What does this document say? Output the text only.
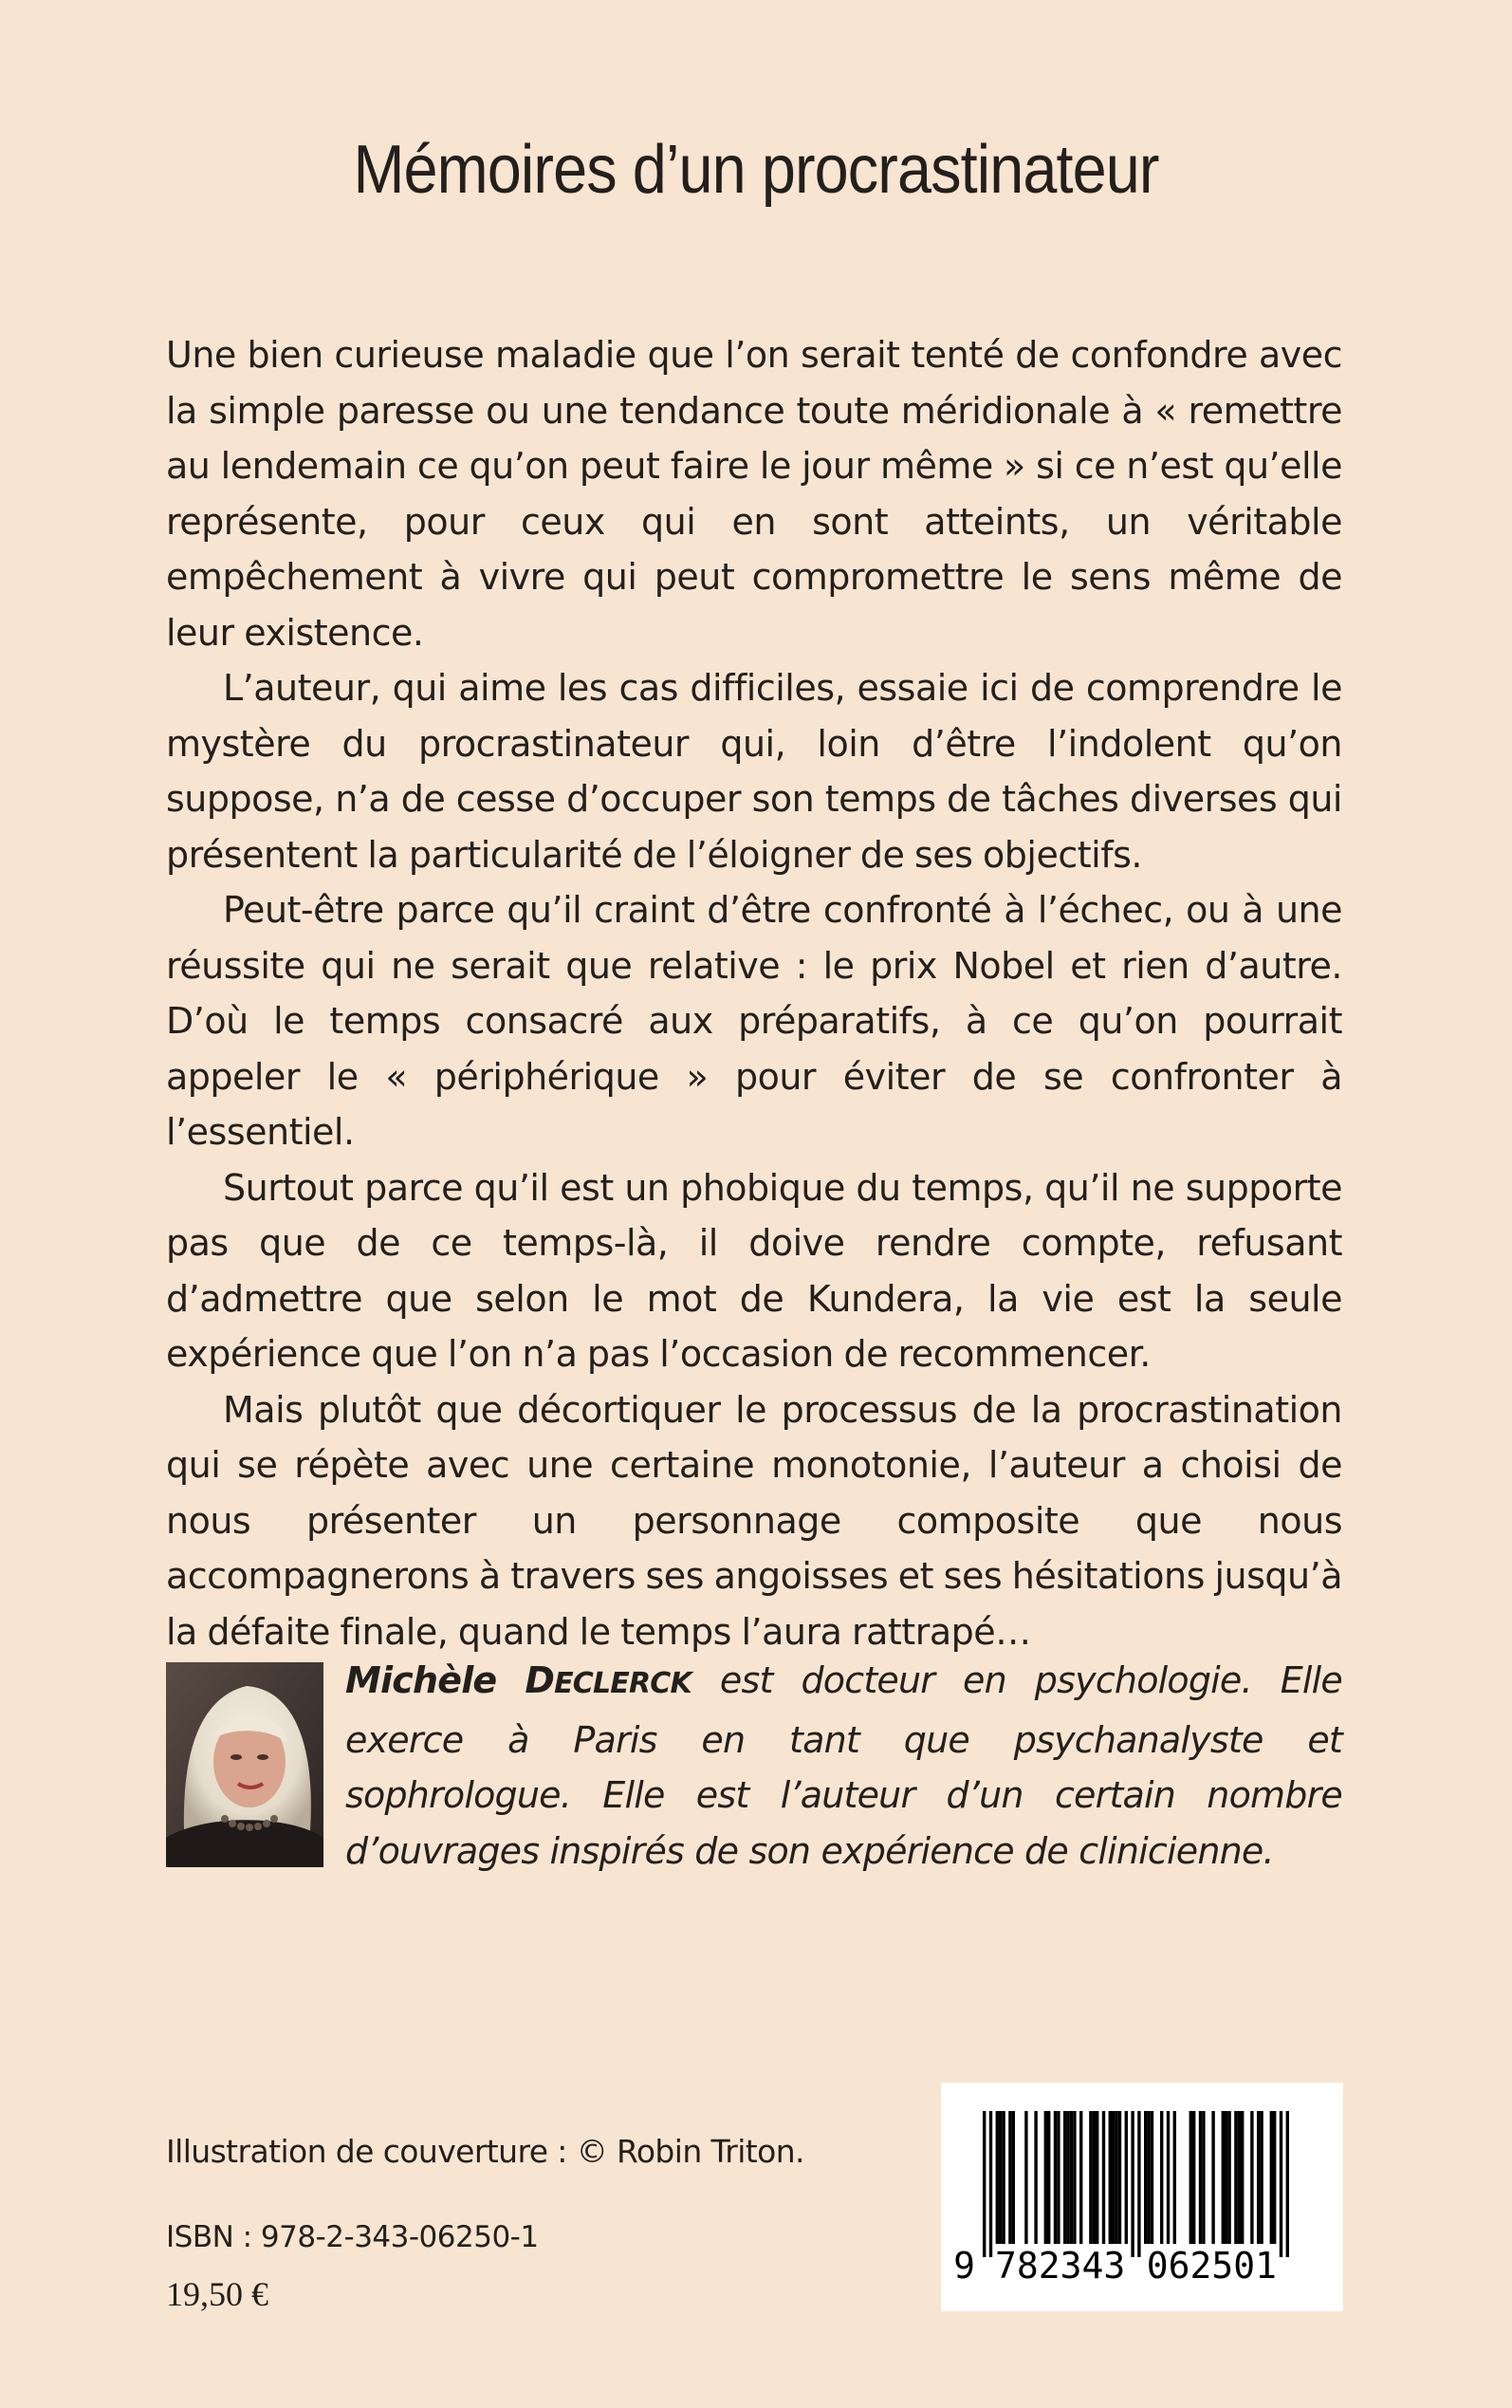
Mémoires d’un procrastinateur

Une bien curieuse maladie que l’on serait tenté de confondre avec la simple paresse ou une tendance toute méridionale à « remettre au lendemain ce qu’on peut faire le jour même » si ce n’est qu’elle représente, pour ceux qui en sont atteints, un véritable empêchement à vivre qui peut compromettre le sens même de leur existence.

L’auteur, qui aime les cas difficiles, essaie ici de comprendre le mystère du procrastinateur qui, loin d’être l’indolent qu’on suppose, n’a de cesse d’occuper son temps de tâches diverses qui présentent la particularité de l’éloigner de ses objectifs.

Peut-être parce qu’il craint d’être confronté à l’échec, ou à une réussite qui ne serait que relative : le prix Nobel et rien d’autre. D’où le temps consacré aux préparatifs, à ce qu’on pourrait appeler le « périphérique » pour éviter de se confronter à l’essentiel.

Surtout parce qu’il est un phobique du temps, qu’il ne supporte pas que de ce temps-là, il doive rendre compte, refusant d’admettre que selon le mot de Kundera, la vie est la seule expérience que l’on n’a pas l’occasion de recommencer.

Mais plutôt que décortiquer le processus de la procrastination qui se répète avec une certaine monotonie, l’auteur a choisi de nous présenter un personnage composite que nous accompagnerons à travers ses angoisses et ses hésitations jusqu’à la défaite finale, quand le temps l’aura rattrapé…

Michèle DECLERCK est docteur en psychologie. Elle exerce à Paris en tant que psychanalyste et sophrologue. Elle est l’auteur d’un certain nombre d’ouvrages inspirés de son expérience de clinicienne.

Illustration de couverture : © Robin Triton.
ISBN : 978-2-343-06250-1
19,50 €
9 782343 062501
